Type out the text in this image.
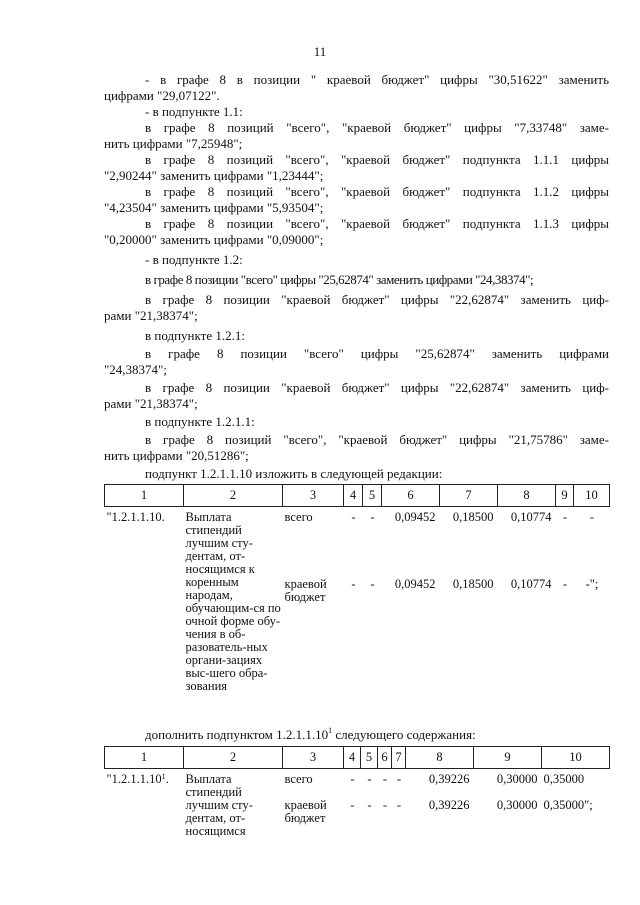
11
- в графе 8 в позиции " краевой бюджет" цифры "30,51622" заменить
цифрами "29,07122".
- в подпункте 1.1:
в графе 8 позиций "всего", "краевой бюджет" цифры "7,33748" заме-
нить цифрами "7,25948";
в графе 8 позиций "всего", "краевой бюджет" подпункта 1.1.1 цифры
"2,90244" заменить цифрами "1,23444";
в графе 8 позиций "всего", "краевой бюджет" подпункта 1.1.2 цифры
"4,23504" заменить цифрами "5,93504";
в графе 8 позиции "всего", "краевой бюджет" подпункта 1.1.3 цифры
"0,20000" заменить цифрами "0,09000";
- в подпункте 1.2:
в графе 8 позиции "всего" цифры "25,62874" заменить цифрами "24,38374";
в графе 8 позиции "краевой бюджет" цифры "22,62874" заменить циф-
рами "21,38374";
в подпункте 1.2.1:
в графе 8 позиции "всего" цифры "25,62874" заменить цифрами
"24,38374";
в графе 8 позиции "краевой бюджет" цифры "22,62874" заменить циф-
рами "21,38374";
в подпункте 1.2.1.1:
в графе 8 позиций "всего", "краевой бюджет" цифры "21,75786" заме-
нить цифрами "20,51286";
подпункт 1.2.1.1.10 изложить в следующей редакции:
1	2	3	4	5	6	7	8	9	10
"1.2.1.1.10.	Выплата стипендий лучшим сту-дентам, от-носящимся к коренным народам, обучающим-ся по очной форме обу-чения в об-разователь-ных органи-зациях выс-шего обра-зования	всего	-	-	0,09452	0,18500	0,10774	-	-
		краевой бюджет	-	-	0,09452	0,18500	0,10774	-	-";
дополнить подпунктом 1.2.1.1.10$^1$ следующего содержания:
1	2	3	4	5	6	7	8	9	10
"1.2.1.1.10$^1$.	Выплата стипендий лучшим сту-дентам, от-носящимся	всего	-	-	-	-	0,39226	0,30000	0,35000
		краевой бюджет	-	-	-	-	0,39226	0,30000	0,35000";
